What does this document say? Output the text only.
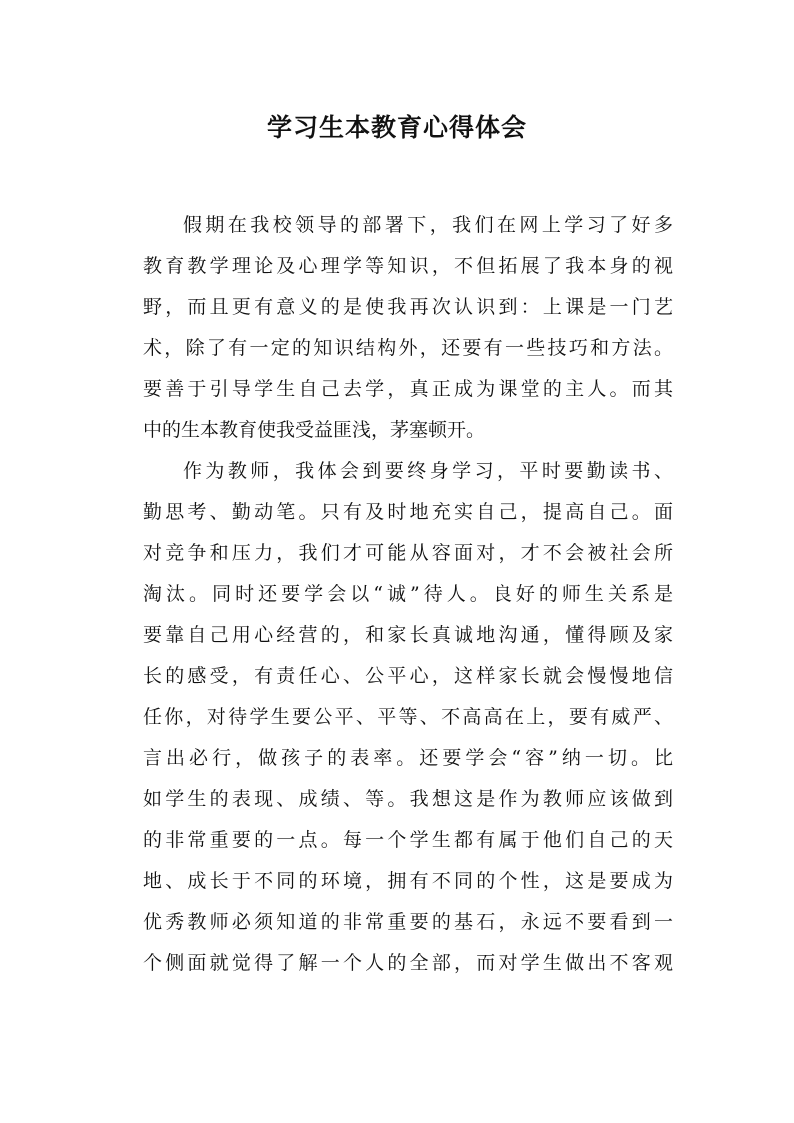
学习生本教育心得体会
假期在我校领导的部署下，我们在网上学习了好多
教育教学理论及心理学等知识，不但拓展了我本身的视
野，而且更有意义的是使我再次认识到：上课是一门艺
术，除了有一定的知识结构外，还要有一些技巧和方法。
要善于引导学生自己去学，真正成为课堂的主人。而其
中的生本教育使我受益匪浅，茅塞顿开。
作为教师，我体会到要终身学习，平时要勤读书、
勤思考、勤动笔。只有及时地充实自己，提高自己。面
对竞争和压力，我们才可能从容面对，才不会被社会所
淘汰。同时还要学会以“诚”待人。良好的师生关系是
要靠自己用心经营的，和家长真诚地沟通，懂得顾及家
长的感受，有责任心、公平心，这样家长就会慢慢地信
任你，对待学生要公平、平等、不高高在上，要有威严、
言出必行，做孩子的表率。还要学会“容”纳一切。比
如学生的表现、成绩、等。我想这是作为教师应该做到
的非常重要的一点。每一个学生都有属于他们自己的天
地、成长于不同的环境，拥有不同的个性，这是要成为
优秀教师必须知道的非常重要的基石，永远不要看到一
个侧面就觉得了解一个人的全部，而对学生做出不客观
